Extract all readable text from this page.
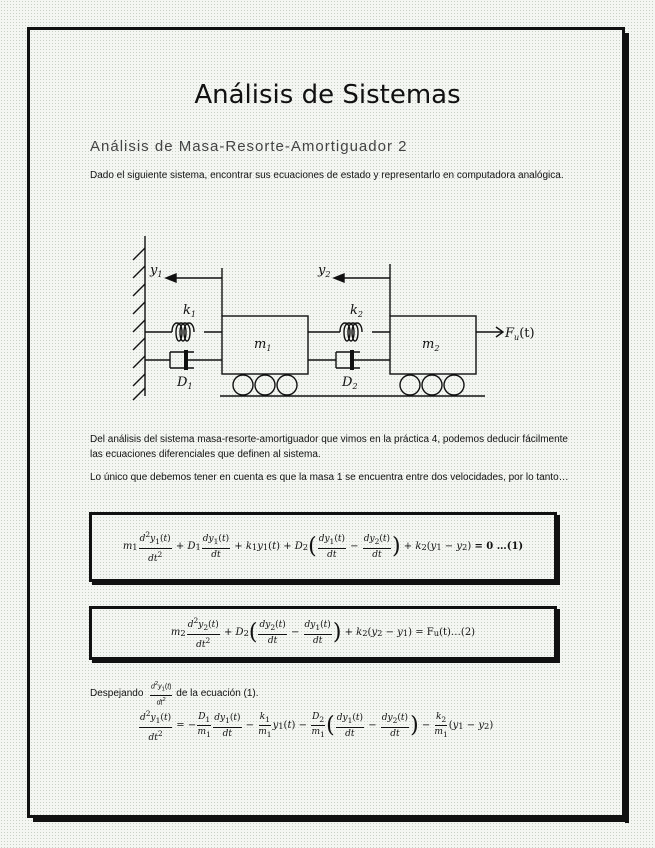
Análisis de Sistemas
Análisis de Masa-Resorte-Amortiguador 2

Dado el siguiente sistema, encontrar sus ecuaciones de estado y representarlo en computadora analógica.

$y_1$	$y_2$
$k_1$	$k_2$
$m_1$	$m_2$
$D_1$	$D_2$
$F_u(t)$

Del análisis del sistema masa-resorte-amortiguador que vimos en la práctica 4, podemos deducir fácilmente las ecuaciones diferenciales que definen al sistema.

Lo único que debemos tener en cuenta es que la masa 1 se encuentra entre dos velocidades, por lo tanto…

m $1 \frac{d^2y_1(t)}{dt^2} + D$ $1 \frac{dy_1(t)}{dt} + k$ 1 y 1 ( t ) + D 2 ( $\frac{dy_1(t)}{dt} - \frac{dy_2(t)}{dt}$ ) + k 2 ( y 1 − y 2 ) = 0 …(1)
m $2 \frac{d^2y_2(t)}{dt^2} + D$ 2 ( $\frac{dy_2(t)}{dt} - \frac{dy_1(t)}{dt}$ ) + k 2 ( y 2 − y 1 ) = F u (t)…(2)
Despejando
$\frac{d^2y_1(t)}{dt^2}$
de la ecuación (1).
$\frac{d^2y_1(t)}{dt^2}$ = − $\frac{D_1}{m_1} \frac{dy_1(t)}{dt} - \frac{k_1}{m_1}$ y 1 ( t ) − $\frac{D_2}{m_1}$ ( $\frac{dy_1(t)}{dt} - \frac{dy_2(t)}{dt}$ ) − $\frac{k_2}{m_1}$ ( y 1 − y 2 )
